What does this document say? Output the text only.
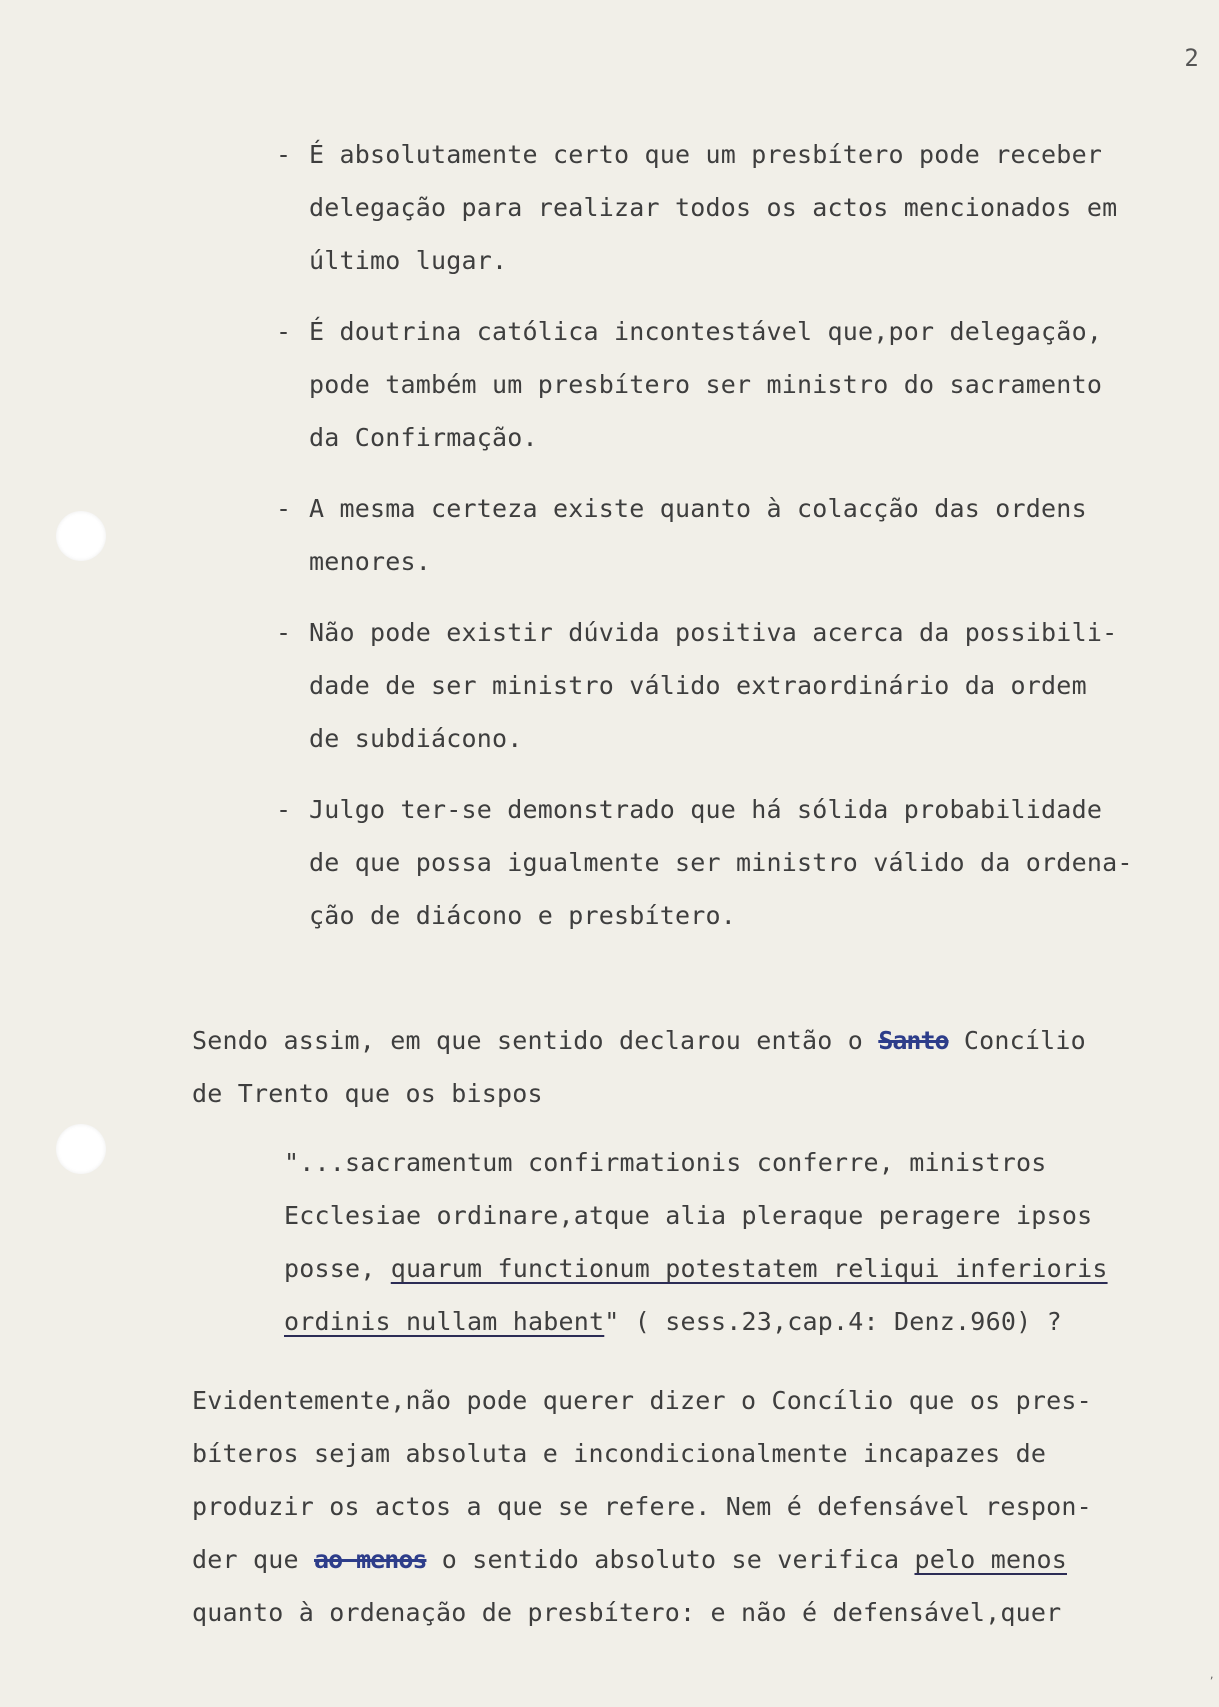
2
- É absolutamente certo que um presbítero pode receber
delegação para realizar todos os actos mencionados em
último lugar.
- É doutrina católica incontestável que,por delegação,
pode também um presbítero ser ministro do sacramento
da Confirmação.
- A mesma certeza existe quanto à colacção das ordens
menores.
- Não pode existir dúvida positiva acerca da possibili-
dade de ser ministro válido extraordinário da ordem
de subdiácono.
- Julgo ter-se demonstrado que há sólida probabilidade
de que possa igualmente ser ministro válido da ordena-
ção de diácono e presbítero.
Sendo assim, em que sentido declarou então o Santo Concílio
de Trento que os bispos
"...sacramentum confirmationis conferre, ministros
Ecclesiae ordinare,atque alia pleraque peragere ipsos
posse, quarum functionum potestatem reliqui inferioris
ordinis nullam habent" ( sess.23,cap.4: Denz.960) ?
Evidentemente,não pode querer dizer o Concílio que os pres-
bíteros sejam absoluta e incondicionalmente incapazes de
produzir os actos a que se refere. Nem é defensável respon-
der que ao menos o sentido absoluto se verifica pelo menos
quanto à ordenação de presbítero: e não é defensável,quer
,
